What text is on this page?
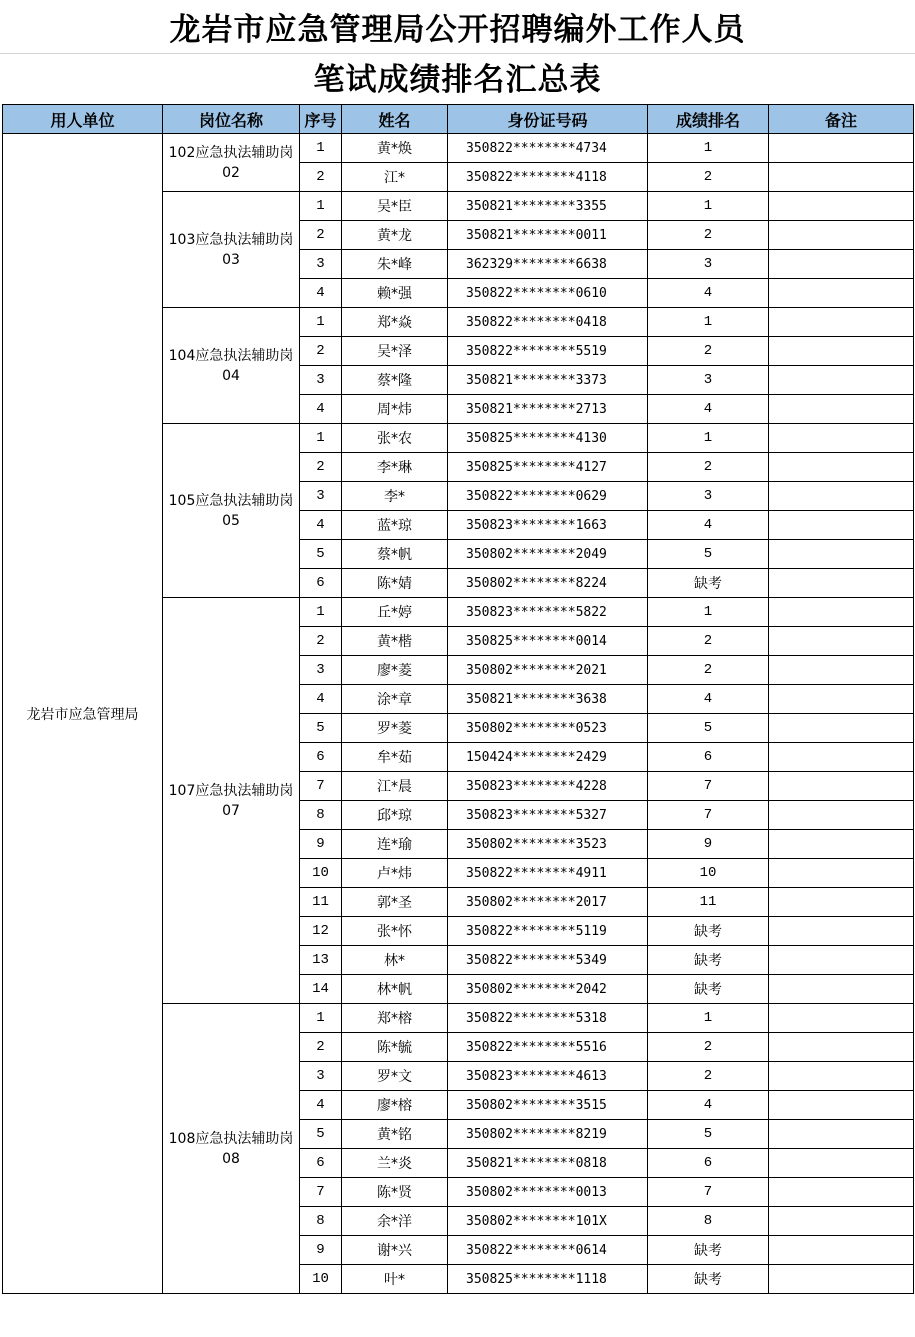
龙岩市应急管理局公开招聘编外工作人员
笔试成绩排名汇总表
用人单位	岗位名称	序号	姓名	身份证号码	成绩排名	备注
龙岩市应急管理局	102应急执法辅助岗02	1	黄*焕	350822********4734	1	
		2	江*	350822********4118	2	
	103应急执法辅助岗03	1	吴*臣	350821********3355	1	
		2	黄*龙	350821********0011	2	
		3	朱*峰	362329********6638	3	
		4	赖*强	350822********0610	4	
	104应急执法辅助岗04	1	郑*焱	350822********0418	1	
		2	吴*泽	350822********5519	2	
		3	蔡*隆	350821********3373	3	
		4	周*炜	350821********2713	4	
	105应急执法辅助岗05	1	张*农	350825********4130	1	
		2	李*琳	350825********4127	2	
		3	李*	350822********0629	3	
		4	蓝*琼	350823********1663	4	
		5	蔡*帆	350802********2049	5	
		6	陈*婧	350802********8224	缺考	
	107应急执法辅助岗07	1	丘*婷	350823********5822	1	
		2	黄*楷	350825********0014	2	
		3	廖*菱	350802********2021	2	
		4	涂*章	350821********3638	4	
		5	罗*菱	350802********0523	5	
		6	牟*茹	150424********2429	6	
		7	江*晨	350823********4228	7	
		8	邱*琼	350823********5327	7	
		9	连*瑜	350802********3523	9	
		10	卢*炜	350822********4911	10	
		11	郭*圣	350802********2017	11	
		12	张*怀	350822********5119	缺考	
		13	林*	350822********5349	缺考	
		14	林*帆	350802********2042	缺考	
	108应急执法辅助岗08	1	郑*榕	350822********5318	1	
		2	陈*毓	350822********5516	2	
		3	罗*文	350823********4613	2	
		4	廖*榕	350802********3515	4	
		5	黄*铭	350802********8219	5	
		6	兰*炎	350821********0818	6	
		7	陈*贤	350802********0013	7	
		8	余*洋	350802********101X	8	
		9	谢*兴	350822********0614	缺考	
		10	叶*	350825********1118	缺考	
